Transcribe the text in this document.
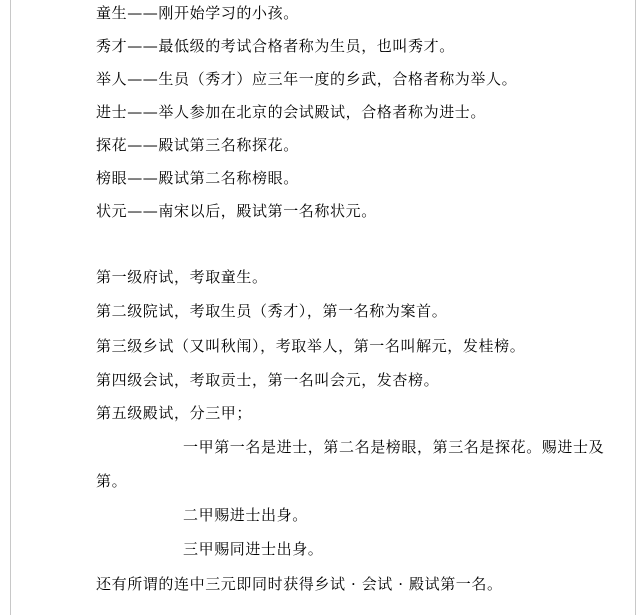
童生——刚开始学习的小孩。
秀才——最低级的考试合格者称为生员，也叫秀才。
举人——生员（秀才）应三年一度的乡武，合格者称为举人。
进士——举人参加在北京的会试殿试，合格者称为进士。
探花——殿试第三名称探花。
榜眼——殿试第二名称榜眼。
状元——南宋以后，殿试第一名称状元。
第一级府试，考取童生。
第二级院试，考取生员（秀才），第一名称为案首。
第三级乡试（又叫秋闱），考取举人，第一名叫解元，发桂榜。
第四级会试，考取贡士，第一名叫会元，发杏榜。
第五级殿试，分三甲；
一甲第一名是进士，第二名是榜眼，第三名是探花。赐进士及
第。
二甲赐进士出身。
三甲赐同进士出身。
还有所谓的连中三元即同时获得乡试 · 会试 · 殿试第一名。
